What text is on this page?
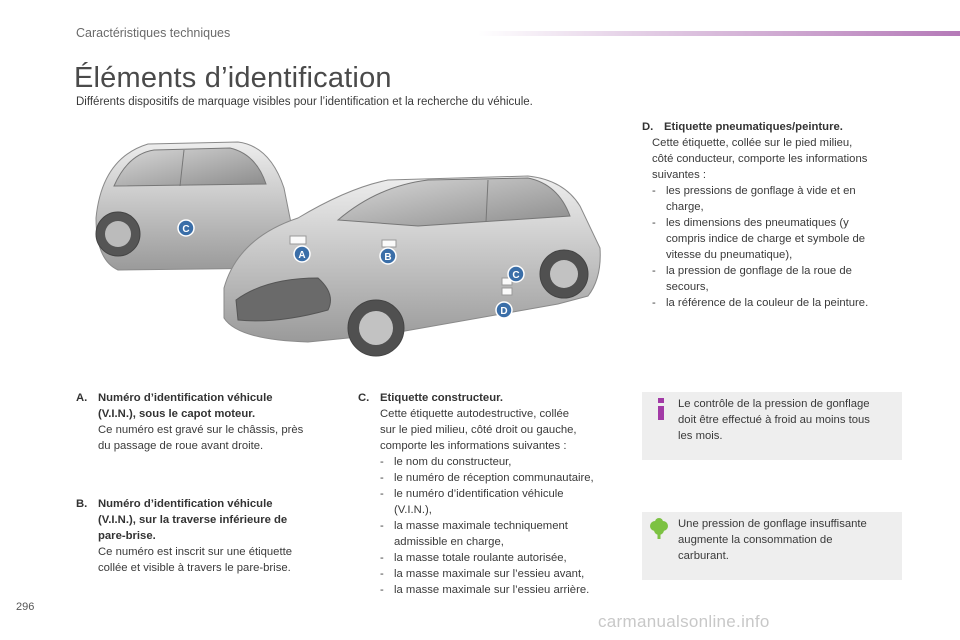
Caractéristiques techniques
Éléments d’identification
Différents dispositifs de marquage visibles pour l’identification et la recherche du véhicule.
C
A	B
C
D
A. Numéro d’identification véhicule
(V.I.N.), sous le capot moteur.
Ce numéro est gravé sur le châssis, près
du passage de roue avant droite.
B. Numéro d’identification véhicule
(V.I.N.), sur la traverse inférieure de
pare-brise.
Ce numéro est inscrit sur une étiquette
collée et visible à travers le pare-brise.
C. Etiquette constructeur.
Cette étiquette autodestructive, collée
sur le pied milieu, côté droit ou gauche,
comporte les informations suivantes :
- le nom du constructeur,
- le numéro de réception communautaire,
- le numéro d’identification véhicule
(V.I.N.),
- la masse maximale techniquement
admissible en charge,
- la masse totale roulante autorisée,
- la masse maximale sur l’essieu avant,
- la masse maximale sur l’essieu arrière.
D. Etiquette pneumatiques/peinture.
Cette étiquette, collée sur le pied milieu,
côté conducteur, comporte les informations
suivantes :
- les pressions de gonflage à vide et en
charge,
- les dimensions des pneumatiques (y
compris indice de charge et symbole de
vitesse du pneumatique),
- la pression de gonflage de la roue de
secours,
- la référence de la couleur de la peinture.
Le contrôle de la pression de gonflage
doit être effectué à froid au moins tous
les mois.
Une pression de gonflage insuffisante
augmente la consommation de
carburant.
296
carmanualsonline.info
